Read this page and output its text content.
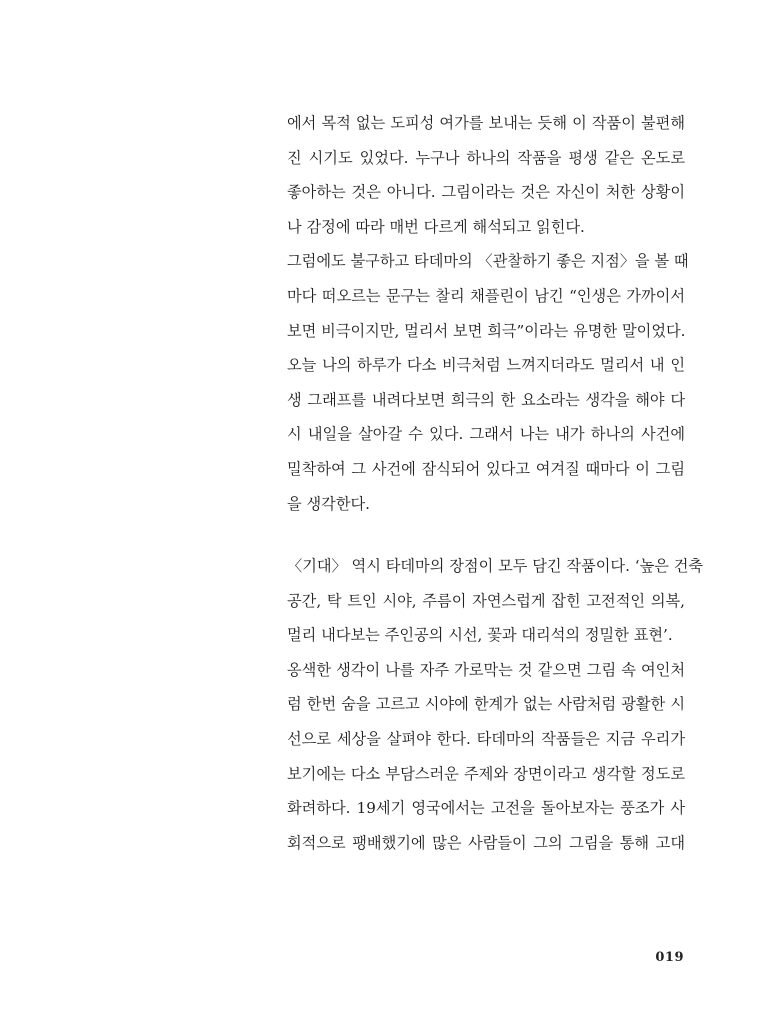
에서 목적 없는 도피성 여가를 보내는 듯해 이 작품이 불편해
진 시기도 있었다. 누구나 하나의 작품을 평생 같은 온도로
좋아하는 것은 아니다. 그림이라는 것은 자신이 처한 상황이
나 감정에 따라 매번 다르게 해석되고 읽힌다.
그럼에도 불구하고 타데마의 〈관찰하기 좋은 지점〉을 볼 때
마다 떠오르는 문구는 찰리 채플린이 남긴 “인생은 가까이서
보면 비극이지만, 멀리서 보면 희극”이라는 유명한 말이었다.
오늘 나의 하루가 다소 비극처럼 느껴지더라도 멀리서 내 인
생 그래프를 내려다보면 희극의 한 요소라는 생각을 해야 다
시 내일을 살아갈 수 있다. 그래서 나는 내가 하나의 사건에
밀착하여 그 사건에 잠식되어 있다고 여겨질 때마다 이 그림
을 생각한다.
〈기대〉 역시 타데마의 장점이 모두 담긴 작품이다. ‘높은 건축
공간, 탁 트인 시야, 주름이 자연스럽게 잡힌 고전적인 의복,
멀리 내다보는 주인공의 시선, 꽃과 대리석의 정밀한 표현’.
옹색한 생각이 나를 자주 가로막는 것 같으면 그림 속 여인처
럼 한번 숨을 고르고 시야에 한계가 없는 사람처럼 광활한 시
선으로 세상을 살펴야 한다. 타데마의 작품들은 지금 우리가
보기에는 다소 부담스러운 주제와 장면이라고 생각할 정도로
화려하다. 19세기 영국에서는 고전을 돌아보자는 풍조가 사
회적으로 팽배했기에 많은 사람들이 그의 그림을 통해 고대
019
